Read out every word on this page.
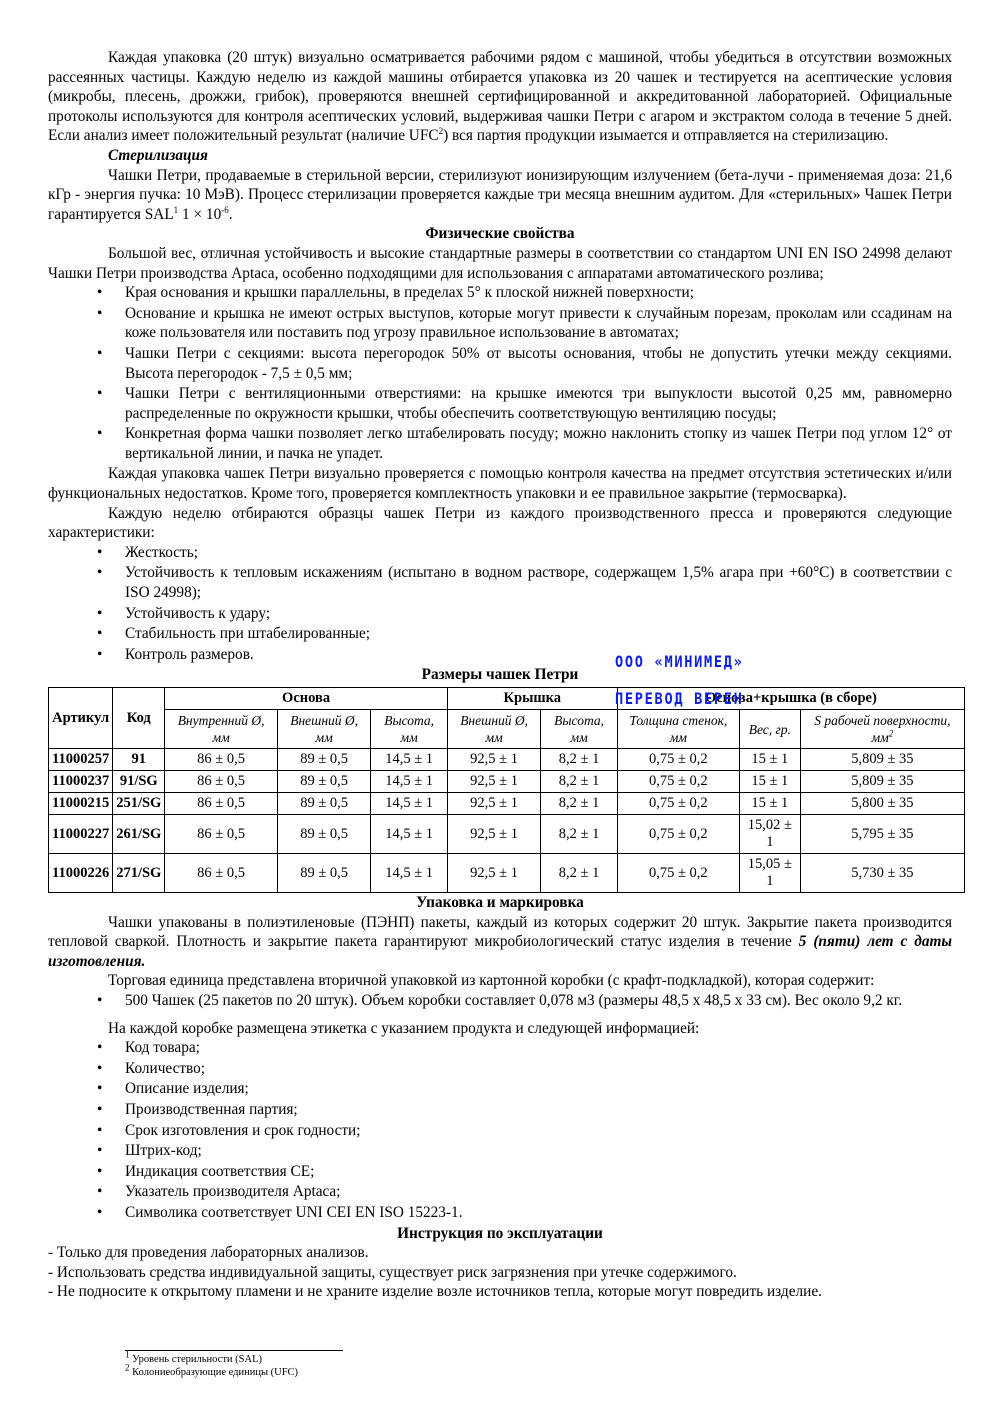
Каждая упаковка (20 штук) визуально осматривается рабочими рядом с машиной, чтобы убедиться в отсутствии возможных рассеянных частицы. Каждую неделю из каждой машины отбирается упаковка из 20 чашек и тестируется на асептические условия (микробы, плесень, дрожжи, грибок), проверяются внешней сертифицированной и аккредитованной лабораторией. Официальные протоколы используются для контроля асептических условий, выдерживая чашки Петри с агаром и экстрактом солода в течение 5 дней. Если анализ имеет положительный результат (наличие UFC$^2$) вся партия продукции изымается и отправляется на стерилизацию.

Стерилизация

Чашки Петри, продаваемые в стерильной версии, стерилизуют ионизирующим излучением (бета-лучи - применяемая доза: 21,6 кГр - энергия пучка: 10 МэВ). Процесс стерилизации проверяется каждые три месяца внешним аудитом. Для «стерильных» Чашек Петри гарантируется SAL$^1$ $1 \times 10^{-6}$.

Физические свойства

Большой вес, отличная устойчивость и высокие стандартные размеры в соответствии со стандартом UNI EN ISO 24998 делают Чашки Петри производства Aptaca, особенно подходящими для использования с аппаратами автоматического розлива;

• Края основания и крышки параллельны, в пределах 5° к плоской нижней поверхности;
• Основание и крышка не имеют острых выступов, которые могут привести к случайным порезам, проколам или ссадинам на коже пользователя или поставить под угрозу правильное использование в автоматах;
• Чашки Петри с секциями: высота перегородок 50% от высоты основания, чтобы не допустить утечки между секциями. Высота перегородок - 7,5 ± 0,5 мм;
• Чашки Петри с вентиляционными отверстиями: на крышке имеются три выпуклости высотой 0,25 мм, равномерно распределенные по окружности крышки, чтобы обеспечить соответствующую вентиляцию посуды;
• Конкретная форма чашки позволяет легко штабелировать посуду; можно наклонить стопку из чашек Петри под углом 12° от вертикальной линии, и пачка не упадет.

Каждая упаковка чашек Петри визуально проверяется с помощью контроля качества на предмет отсутствия эстетических и/или функциональных недостатков. Кроме того, проверяется комплектность упаковки и ее правильное закрытие (термосварка).

Каждую неделю отбираются образцы чашек Петри из каждого производственного пресса и проверяются следующие характеристики:

• Жесткость;
• Устойчивость к тепловым искажениям (испытано в водном растворе, содержащем 1,5% агара при +60°C) в соответствии с ISO 24998);
• Устойчивость к удару;
• Стабильность при штабелированные;
• Контроль размеров.
Размеры чашек Петри
Артикул	Код	Основа			Крышка		Основа+крышка (в сборе)		
		Внутренний Ø, мм	Внешний Ø, мм	Высота, мм	Внешний Ø, мм	Высота, мм	Толщина стенок, мм	Вес, гр.	S рабочей поверхности, $мм^2$
11000257	91	86 ± 0,5	89 ± 0,5	14,5 ± 1	92,5 ± 1	8,2 ± 1	0,75 ± 0,2	15 ± 1	5,809 ± 35
11000237	91/SG	86 ± 0,5	89 ± 0,5	14,5 ± 1	92,5 ± 1	8,2 ± 1	0,75 ± 0,2	15 ± 1	5,809 ± 35
11000215	251/SG	86 ± 0,5	89 ± 0,5	14,5 ± 1	92,5 ± 1	8,2 ± 1	0,75 ± 0,2	15 ± 1	5,800 ± 35
11000227	261/SG	86 ± 0,5	89 ± 0,5	14,5 ± 1	92,5 ± 1	8,2 ± 1	0,75 ± 0,2	15,02 ± 1	5,795 ± 35
11000226	271/SG	86 ± 0,5	89 ± 0,5	14,5 ± 1	92,5 ± 1	8,2 ± 1	0,75 ± 0,2	15,05 ± 1	5,730 ± 35
Упаковка и маркировка

Чашки упакованы в полиэтиленовые (ПЭНП) пакеты, каждый из которых содержит 20 штук. Закрытие пакета производится тепловой сваркой. Плотность и закрытие пакета гарантируют микробиологический статус изделия в течение 5 (пяти) лет с даты изготовления.

Торговая единица представлена вторичной упаковкой из картонной коробки (с крафт-подкладкой), которая содержит:

• 500 Чашек (25 пакетов по 20 штук). Объем коробки составляет 0,078 м3 (размеры 48,5 х 48,5 х 33 см). Вес около 9,2 кг.

На каждой коробке размещена этикетка с указанием продукта и следующей информацией:

• Код товара;
• Количество;
• Описание изделия;
• Производственная партия;
• Срок изготовления и срок годности;
• Штрих-код;
• Индикация соответствия CE;
• Указатель производителя Aptaca;
• Символика соответствует UNI CEI EN ISO 15223-1.
Инструкция по эксплуатации

- Только для проведения лабораторных анализов.

- Использовать средства индивидуальной защиты, существует риск загрязнения при утечке содержимого.

- Не подносите к открытому пламени и не храните изделие возле источников тепла, которые могут повредить изделие.

ООО «МИНИМЕД»
ПЕРЕВОД ВЕРЕН
$^1$ Уровень стерильности (SAL)
$^2$ Колониеобразующие единицы (UFC)
